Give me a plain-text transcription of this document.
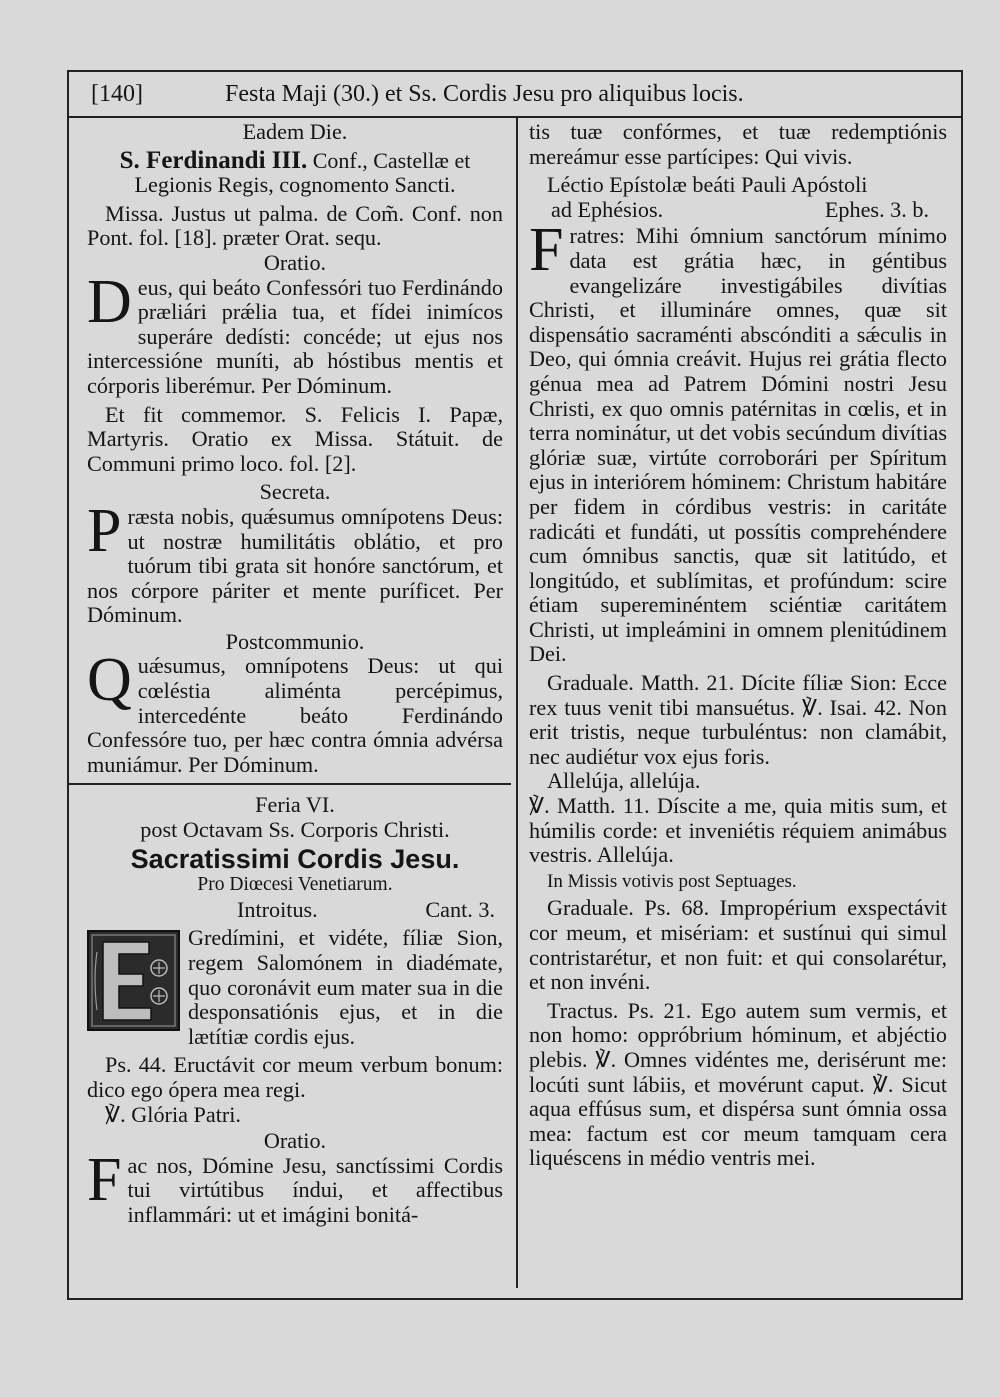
[140]	Festa Maji (30.) et Ss. Cordis Jesu pro aliquibus locis.

Eadem Die.

S. Ferdinandi III. Conf., Castellæ et

Legionis Regis, cognomento Sancti.

Missa. Justus ut palma. de Com̃. Conf. non Pont. fol. [18]. præter Orat. sequ.

Oratio.

Deus, qui beáto Confessóri tuo Ferdinándo præliári prǽlia tua, et fídei inimícos superáre dedísti: concéde; ut ejus nos intercessióne muníti, ab hóstibus mentis et córporis liberémur. Per Dóminum.

Et fit commemor. S. Felicis I. Papæ, Martyris. Oratio ex Missa. Státuit. de Communi primo loco. fol. [2].

Secreta.

Præsta nobis, quǽsumus omnípotens Deus: ut nostræ humilitátis oblátio, et pro tuórum tibi grata sit honóre sanctórum, et nos córpore páriter et mente puríficet. Per Dóminum.

Postcommunio.

Quǽsumus, omnípotens Deus: ut qui cœléstia aliménta percépimus, intercedénte beáto Ferdinándo Confessóre tuo, per hæc contra ómnia advérsa muniámur. Per Dóminum.

Feria VI.

post Octavam Ss. Corporis Christi.

Sacratissimi Cordis Jesu.

Pro Diœcesi Venetiarum.

Introitus.	Cant. 3.

Gredímini, et vidéte, fíliæ Sion, regem Salomónem in diadémate, quo coronávit eum mater sua in die desponsatiónis ejus, et in die lætítiæ cordis ejus.

Ps. 44. Eructávit cor meum verbum bonum: dico ego ópera mea regi.

℣. Glória Patri.

Oratio.

Fac nos, Dómine Jesu, sanctíssimi Cordis tui virtútibus índui, et affectibus inflammári: ut et imágini bonitá-

tis tuæ confórmes, et tuæ redemptiónis mereámur esse partícipes: Qui vivis.

Léctio Epístolæ beáti Pauli Apóstoli

ad Ephésios.	Ephes. 3. b.

Fratres: Mihi ómnium sanctórum mínimo data est grátia hæc, in géntibus evangelizáre investigábiles divítias Christi, et illumináre omnes, quæ sit dispensátio sacraménti abscónditi a sǽculis in Deo, qui ómnia creávit. Hujus rei grátia flecto génua mea ad Patrem Dómini nostri Jesu Christi, ex quo omnis patérnitas in cœlis, et in terra nominátur, ut det vobis secúndum divítias glóriæ suæ, virtúte corroborári per Spíritum ejus in interiórem hóminem: Christum habitáre per fidem in córdibus vestris: in caritáte radicáti et fundáti, ut possítis comprehéndere cum ómnibus sanctis, quæ sit latitúdo, et longitúdo, et sublímitas, et profúndum: scire étiam supereminéntem sciéntiæ caritátem Christi, ut impleámini in omnem plenitúdinem Dei.

Graduale. Matth. 21. Dícite fíliæ Sion: Ecce rex tuus venit tibi mansuétus. ℣. Isai. 42. Non erit tristis, neque turbuléntus: non clamábit, nec audiétur vox ejus foris.

Allelúja, allelúja.

℣. Matth. 11. Díscite a me, quia mitis sum, et húmilis corde: et inveniétis réquiem animábus vestris. Allelúja.

In Missis votivis post Septuages.

Graduale. Ps. 68. Impropérium exspectávit cor meum, et misériam: et sustínui qui simul contristarétur, et non fuit: et qui consolarétur, et non invéni.

Tractus. Ps. 21. Ego autem sum vermis, et non homo: oppróbrium hóminum, et abjéctio plebis. ℣. Omnes vidéntes me, derisérunt me: locúti sunt lábiis, et movérunt caput. ℣. Sicut aqua effúsus sum, et dispérsa sunt ómnia ossa mea: factum est cor meum tamquam cera liquéscens in médio ventris mei.
